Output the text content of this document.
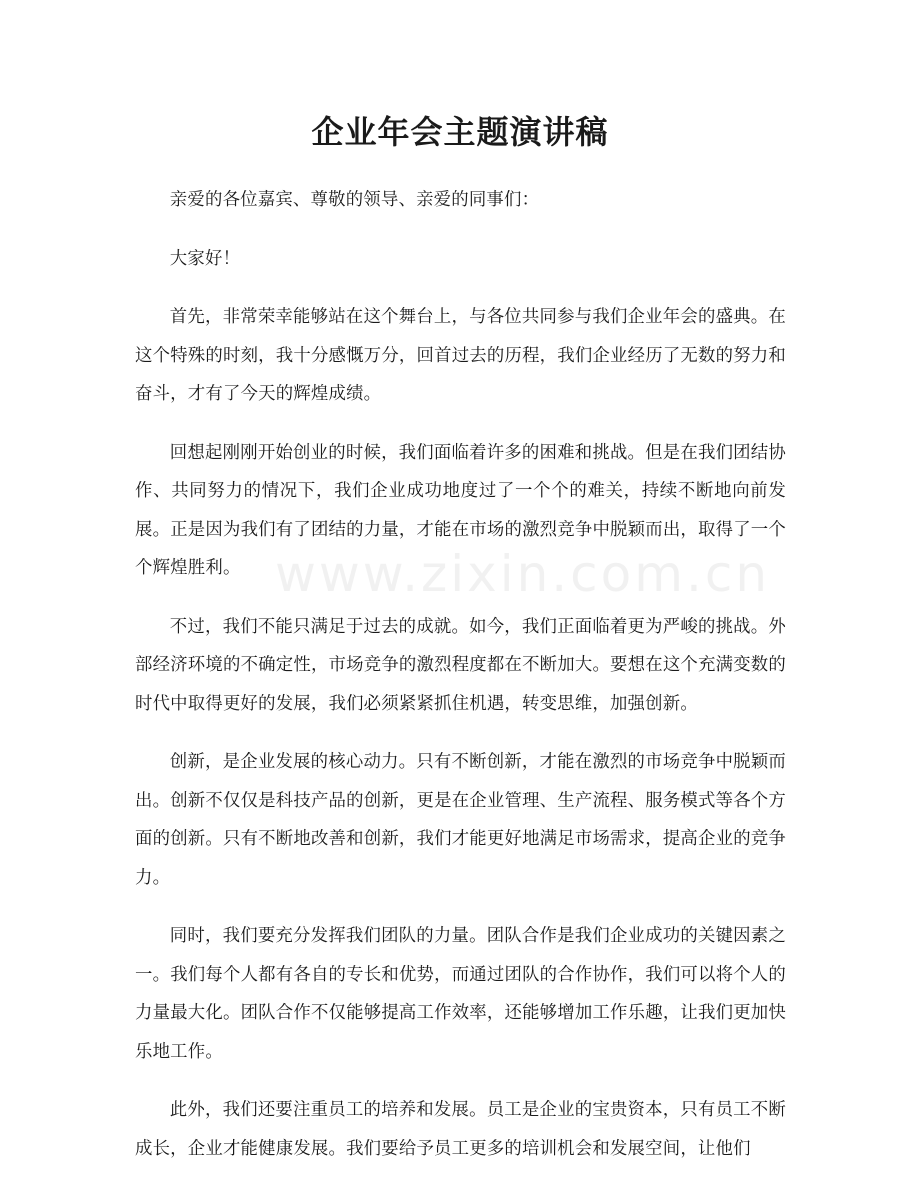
企业年会主题演讲稿
www.zixin.com.cn

亲爱的各位嘉宾、尊敬的领导、亲爱的同事们：

大家好！

首先，非常荣幸能够站在这个舞台上，与各位共同参与我们企业年会的盛典。在这个特殊的时刻，我十分感慨万分，回首过去的历程，我们企业经历了无数的努力和奋斗，才有了今天的辉煌成绩。

回想起刚刚开始创业的时候，我们面临着许多的困难和挑战。但是在我们团结协作、共同努力的情况下，我们企业成功地度过了一个个的难关，持续不断地向前发展。正是因为我们有了团结的力量，才能在市场的激烈竞争中脱颖而出，取得了一个个辉煌胜利。

不过，我们不能只满足于过去的成就。如今，我们正面临着更为严峻的挑战。外部经济环境的不确定性，市场竞争的激烈程度都在不断加大。要想在这个充满变数的时代中取得更好的发展，我们必须紧紧抓住机遇，转变思维，加强创新。

创新，是企业发展的核心动力。只有不断创新，才能在激烈的市场竞争中脱颖而出。创新不仅仅是科技产品的创新，更是在企业管理、生产流程、服务模式等各个方面的创新。只有不断地改善和创新，我们才能更好地满足市场需求，提高企业的竞争力。

同时，我们要充分发挥我们团队的力量。团队合作是我们企业成功的关键因素之一。我们每个人都有各自的专长和优势，而通过团队的合作协作，我们可以将个人的力量最大化。团队合作不仅能够提高工作效率，还能够增加工作乐趣，让我们更加快乐地工作。

此外，我们还要注重员工的培养和发展。员工是企业的宝贵资本，只有员工不断成长，企业才能健康发展。我们要给予员工更多的培训机会和发展空间，让他们
